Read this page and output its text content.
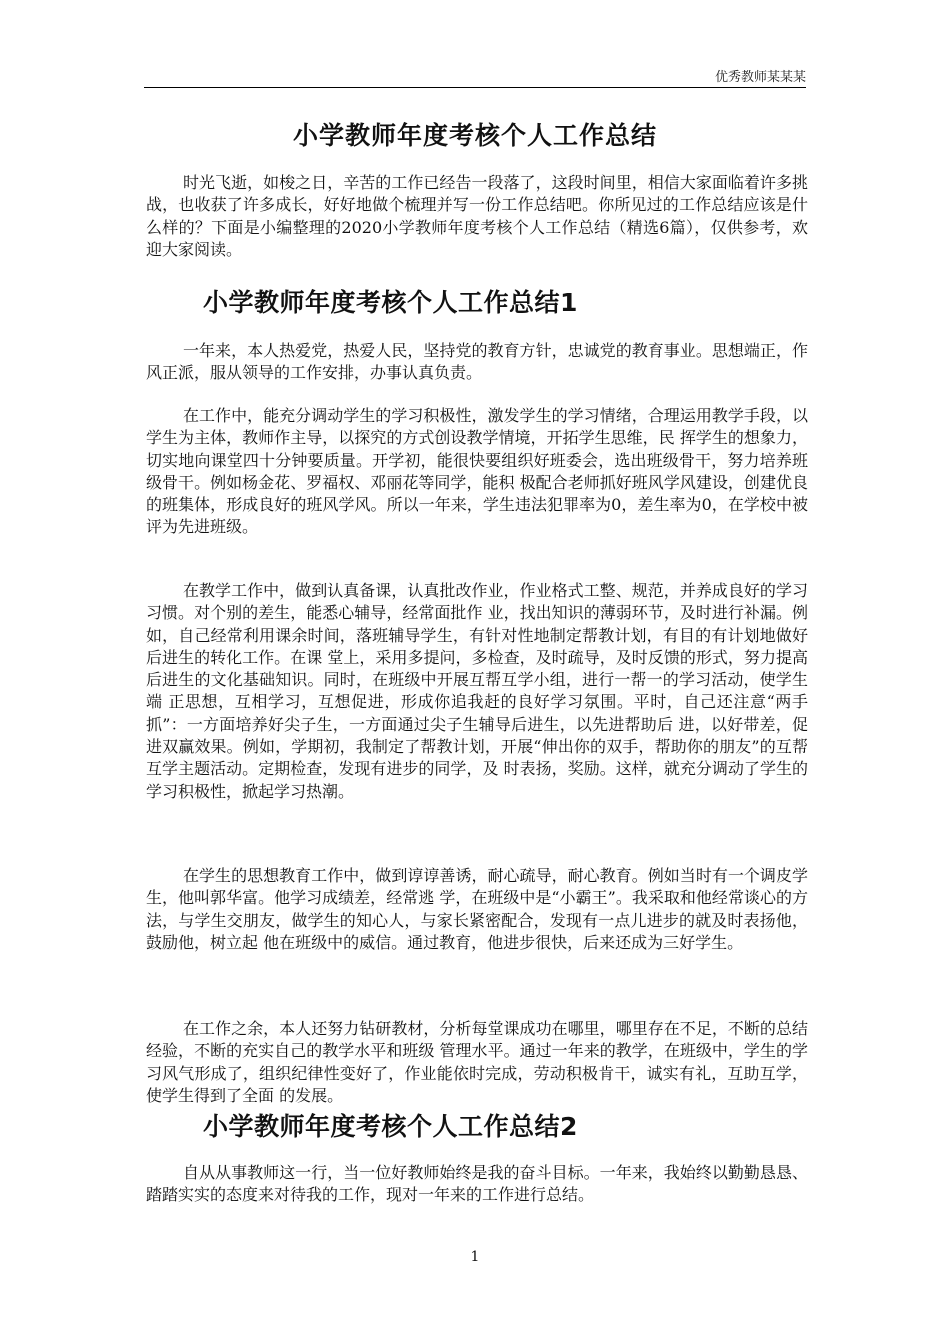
优秀教师某某某
小学教师年度考核个人工作总结

时光飞逝，如梭之日，辛苦的工作已经告一段落了，这段时间里，相信大家面临着许多挑战，也收获了许多成长，好好地做个梳理并写一份工作总结吧。你所见过的工作总结应该是什么样的？下面是小编整理的2020小学教师年度考核个人工作总结（精选6篇），仅供参考，欢迎大家阅读。

小学教师年度考核个人工作总结1

一年来，本人热爱党，热爱人民，坚持党的教育方针，忠诚党的教育事业。思想端正，作风正派，服从领导的工作安排，办事认真负责。

在工作中，能充分调动学生的学习积极性，激发学生的学习情绪，合理运用教学手段，以学生为主体，教师作主导，以探究的方式创设教学情境，开拓学生思维，民 挥学生的想象力，切实地向课堂四十分钟要质量。开学初，能很快要组织好班委会，选出班级骨干，努力培养班级骨干。例如杨金花、罗福权、邓丽花等同学，能积 极配合老师抓好班风学风建设，创建优良的班集体，形成良好的班风学风。所以一年来，学生违法犯罪率为0，差生率为0，在学校中被评为先进班级。

在教学工作中，做到认真备课，认真批改作业，作业格式工整、规范，并养成良好的学习习惯。对个别的差生，能悉心辅导，经常面批作 业，找出知识的薄弱环节，及时进行补漏。例如，自己经常利用课余时间，落班辅导学生，有针对性地制定帮教计划，有目的有计划地做好后进生的转化工作。在课 堂上，采用多提问，多检查，及时疏导，及时反馈的形式，努力提高后进生的文化基础知识。同时，在班级中开展互帮互学小组，进行一帮一的学习活动，使学生端 正思想，互相学习，互想促进，形成你追我赶的良好学习氛围。平时，自己还注意“两手抓”：一方面培养好尖子生，一方面通过尖子生辅导后进生，以先进帮助后 进，以好带差，促进双赢效果。例如，学期初，我制定了帮教计划，开展“伸出你的双手，帮助你的朋友”的互帮互学主题活动。定期检查，发现有进步的同学，及 时表扬，奖励。这样，就充分调动了学生的学习积极性，掀起学习热潮。

在学生的思想教育工作中，做到谆谆善诱，耐心疏导，耐心教育。例如当时有一个调皮学生，他叫郭华富。他学习成绩差，经常逃 学，在班级中是“小霸王”。我采取和他经常谈心的方法，与学生交朋友，做学生的知心人，与家长紧密配合，发现有一点儿进步的就及时表扬他，鼓励他，树立起 他在班级中的威信。通过教育，他进步很快，后来还成为三好学生。

在工作之余，本人还努力钻研教材，分析每堂课成功在哪里，哪里存在不足，不断的总结经验，不断的充实自己的教学水平和班级 管理水平。通过一年来的教学，在班级中，学生的学习风气形成了，组织纪律性变好了，作业能依时完成，劳动积极肯干，诚实有礼，互助互学，使学生得到了全面 的发展。

小学教师年度考核个人工作总结2

自从从事教师这一行，当一位好教师始终是我的奋斗目标。一年来，我始终以勤勤恳恳、踏踏实实的态度来对待我的工作，现对一年来的工作进行总结。

1
